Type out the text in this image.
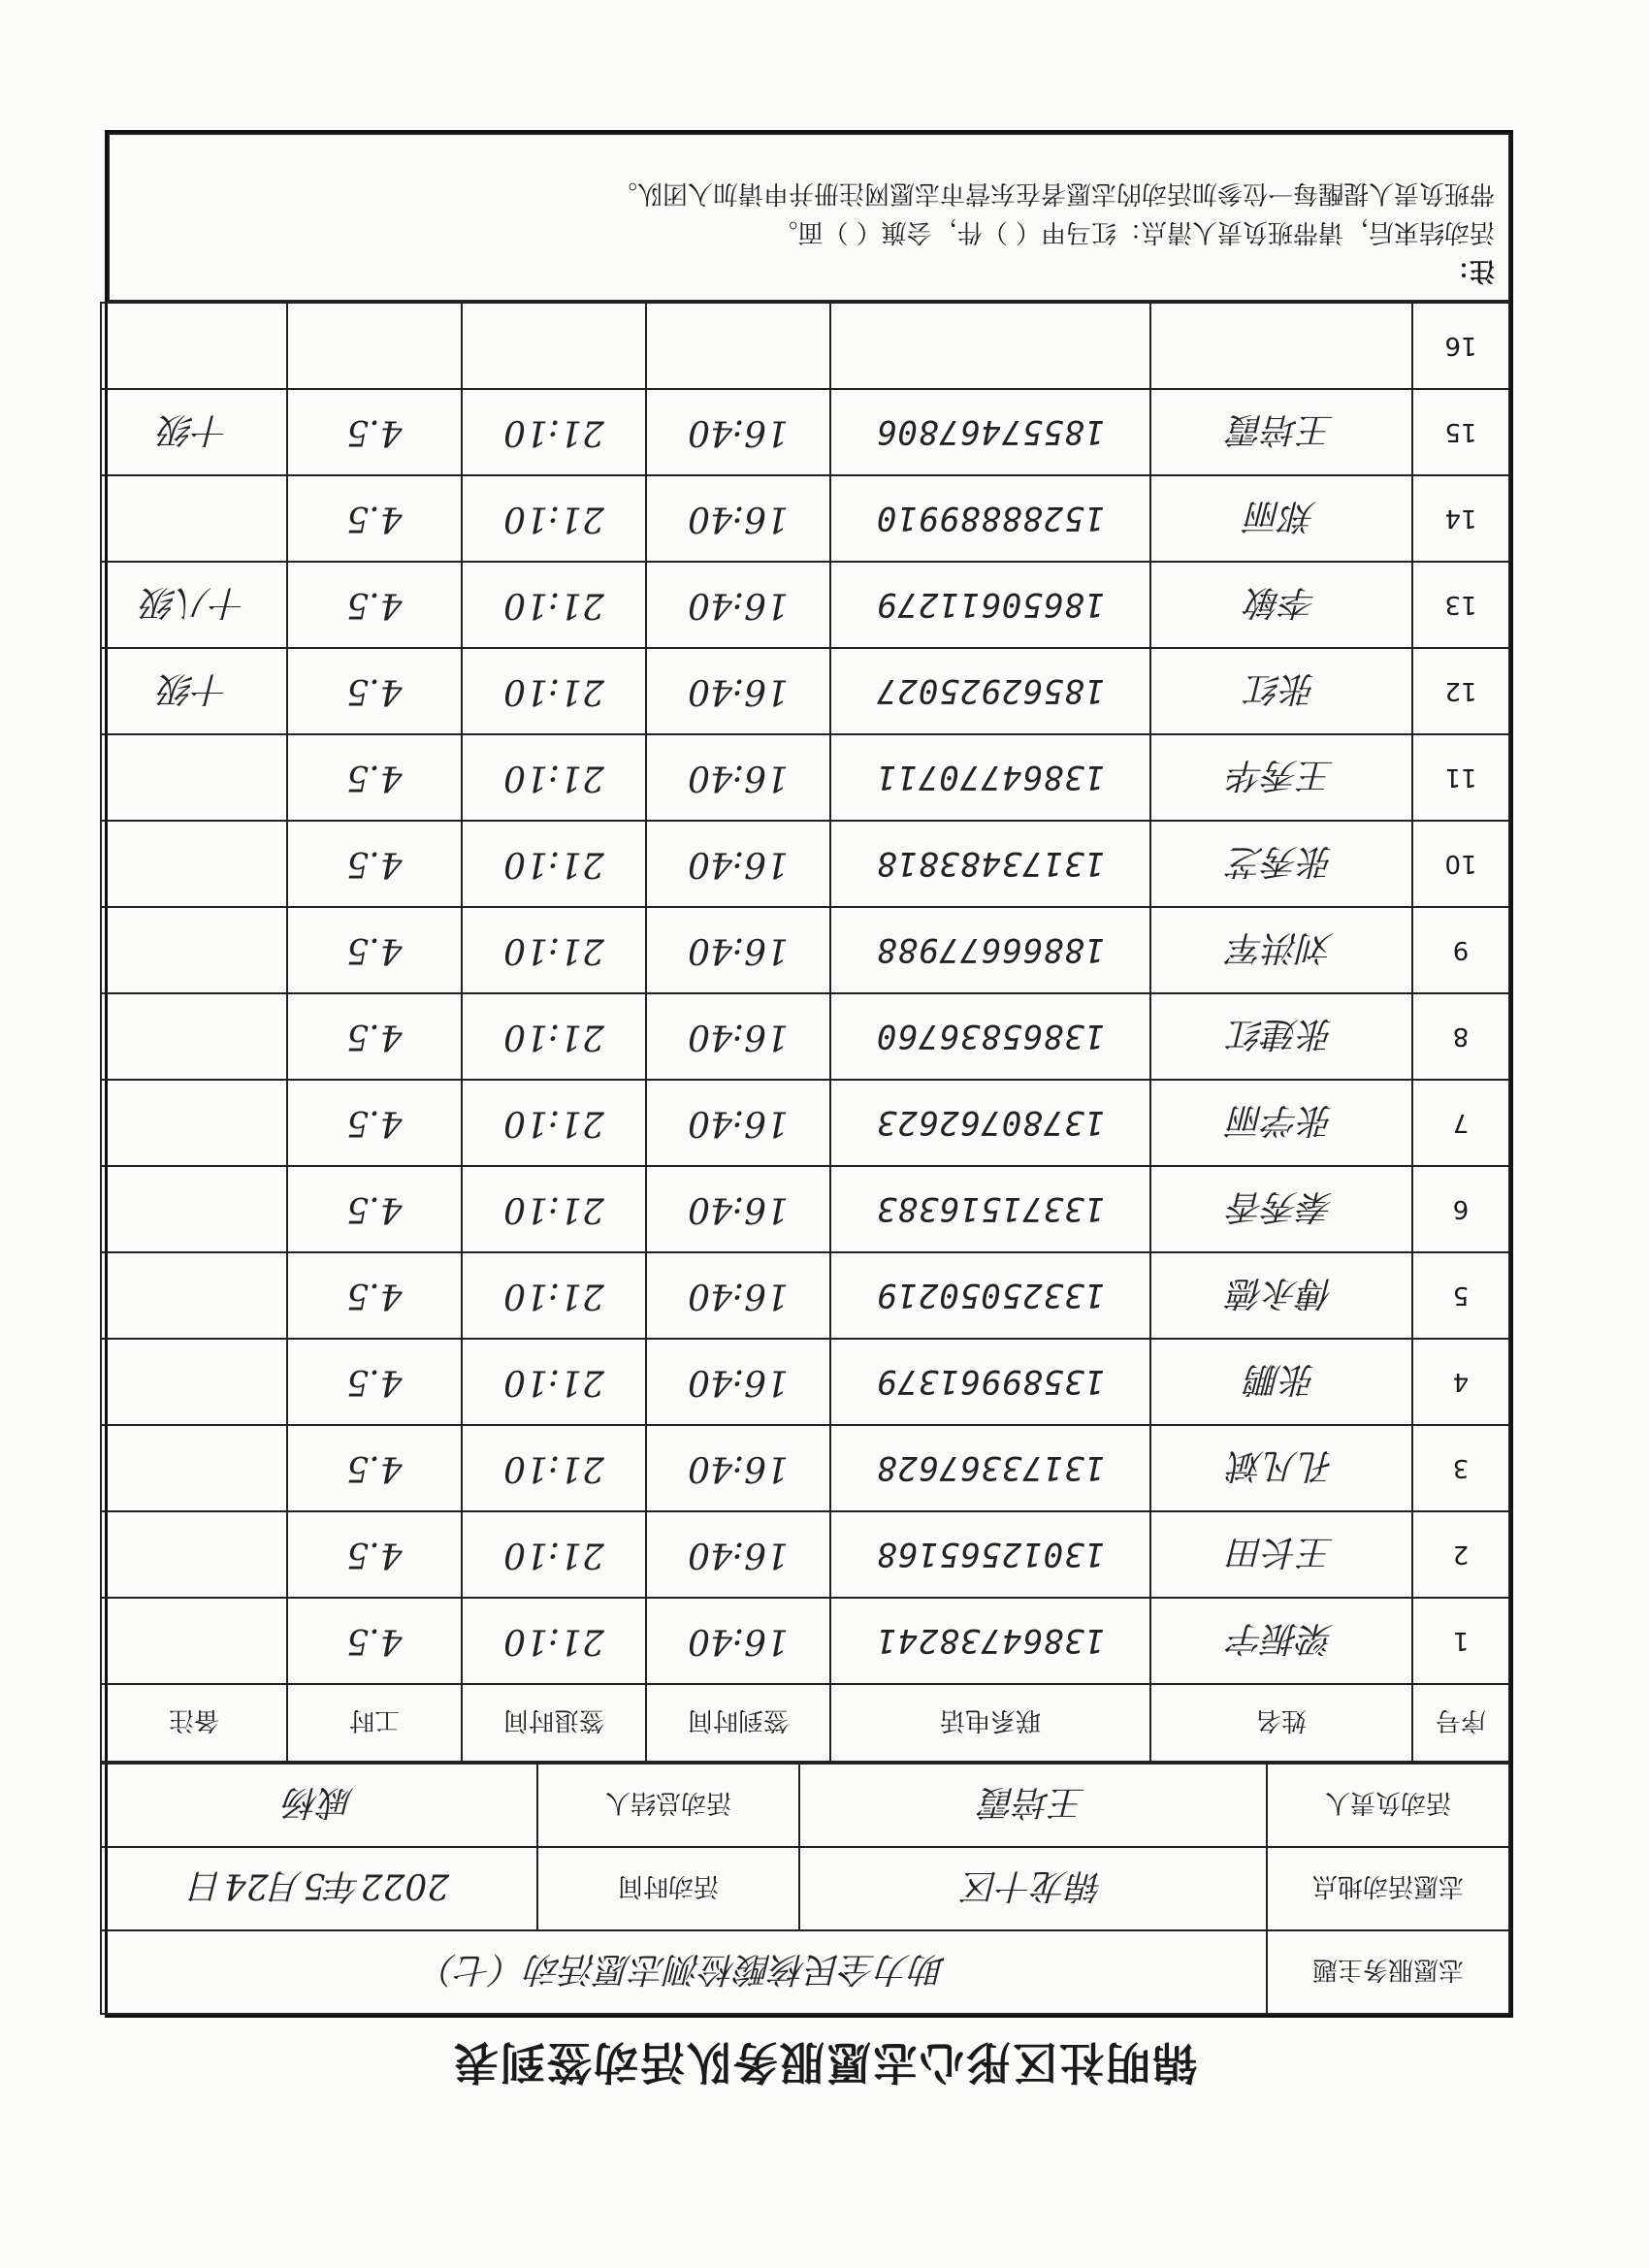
锦明社区彤心志愿服务队活动签到表
志愿服务主题	助力全民核酸检测志愿活动（七）		
志愿活动地点	锦龙十区	活动时间	2022年5月24日
活动负责人	王培霞	活动总结人	戚杨
序号	姓名	联系电话	签到时间	签退时间	工时	备注
1	梁振宇	13864738241	16:40	21:10	4.5	
2	王长田	13012565168	16:40	21:10	4.5	
3	孔凡斌	13173367628	16:40	21:10	4.5	
4	张鹏	13589961379	16:40	21:10	4.5	
5	傅永德	13325050219	16:40	21:10	4.5	
6	秦秀香	13371516383	16:40	21:10	4.5	
7	张学丽	13780762623	16:40	21:10	4.5	
8	张建红	13865836760	16:40	21:10	4.5	
9	刘洪军	18866677988	16:40	21:10	4.5	
10	张秀芝	13173483818	16:40	21:10	4.5	
11	王秀华	13864770711	16:40	21:10	4.5	
12	张红	18562925027	16:40	21:10	4.5	十级
13	李敏	18650611279	16:40	21:10	4.5	十八级
14	郑丽	15288889910	16:40	21:10	4.5	
15	王培霞	18557467806	16:40	21:10	4.5	十级
16						
注：
活动结束后，请带班负责人清点：红马甲（ ）件，会旗（ ）面。
带班负责人提醒每一位参加活动的志愿者在东营市志愿网注册并申请加入团队。
